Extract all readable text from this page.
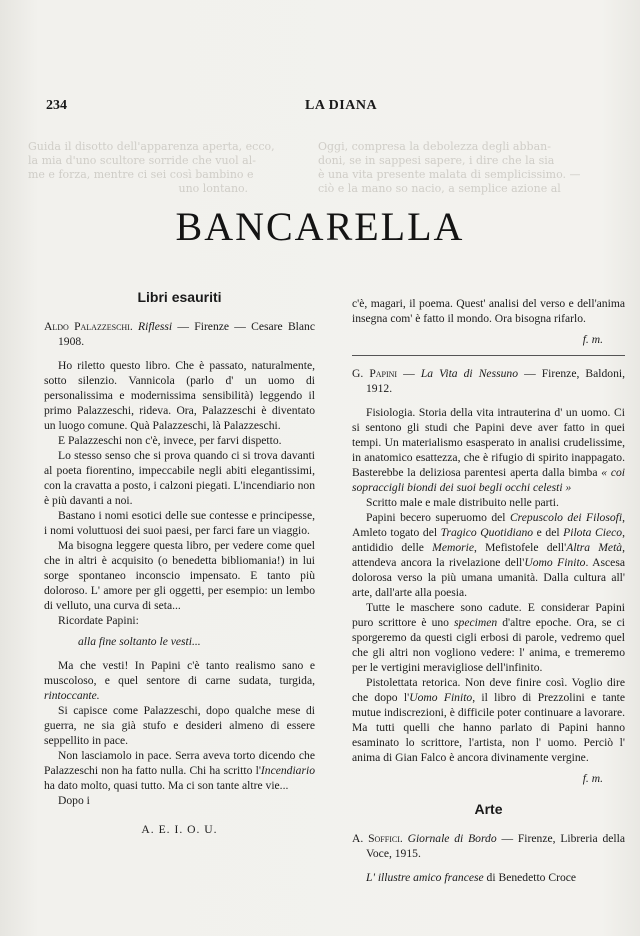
Oggi, compresa la debolezza degli abban-
doni, se in sappesi sapere, i dire che la sia
è una vita presente malata di semplicissimo. —
ciò e la mano so nacio, a semplice azione al
Guida il disotto dell'apparenza aperta, ecco,
la mia d'uno scultore sorride che vuol al-
me e forza, mentre ci sei così bambino e
uno lontano.
234	LA DIANA
BANCARELLA
Libri esauriti

Aldo Palazzeschi. Riflessi — Firenze — Cesare Blanc 1908.

Ho riletto questo libro. Che è passato, naturalmente, sotto silenzio. Vannicola (parlo d' un uomo di personalissima e modernissima sensibilità) leggendo il primo Palazzeschi, rideva. Ora, Palazzeschi è diventato un luogo comune. Quà Palazzeschi, là Palazzeschi.

E Palazzeschi non c'è, invece, per farvi dispetto.

Lo stesso senso che si prova quando ci si trova davanti al poeta fiorentino, impeccabile negli abiti elegantissimi, con la cravatta a posto, i calzoni piegati. L'incendiario non è più davanti a noi.

Bastano i nomi esotici delle sue contesse e principesse, i nomi voluttuosi dei suoi paesi, per farci fare un viaggio.

Ma bisogna leggere questa libro, per vedere come quel che in altri è acquisito (o benedetta bibliomania!) in lui sorge spontaneo inconscio impensato. E tanto più doloroso. L' amore per gli oggetti, per esempio: un lembo di velluto, una curva di seta...

Ricordate Papini:

alla fine soltanto le vesti...

Ma che vesti! In Papini c'è tanto realismo sano e muscoloso, e quel sentore di carne sudata, turgida, rintoccante.

Si capisce come Palazzeschi, dopo qualche mese di guerra, ne sia già stufo e desideri almeno di essere seppellito in pace.

Non lasciamolo in pace. Serra aveva torto dicendo che Palazzeschi non ha fatto nulla. Chi ha scritto l'Incendiario ha dato molto, quasi tutto. Ma ci son tante altre vie...

Dopo i

A. E. I. O. U.

c'è, magari, il poema. Quest' analisi del verso e dell'anima insegna com' è fatto il mondo. Ora bisogna rifarlo.

f. m.

G. Papini — La Vita di Nessuno — Firenze, Baldoni, 1912.

Fisiologia. Storia della vita intrauterina d' un uomo. Ci si sentono gli studi che Papini deve aver fatto in quei tempi. Un materialismo esasperato in analisi crudelissime, in anatomico esattezza, che è rifugio di spirito inappagato. Basterebbe la deliziosa parentesi aperta dalla bimba « coi sopraccigli biondi dei suoi begli occhi celesti »

Scritto male e male distribuito nelle parti.

Papini becero superuomo del Crepuscolo dei Filosofi, Amleto togato del Tragico Quotidiano e del Pilota Cieco, antididio delle Memorie, Mefistofele dell'Altra Metà, attendeva ancora la rivelazione dell'Uomo Finito. Ascesa dolorosa verso la più umana umanità. Dalla cultura all' arte, dall'arte alla poesia.

Tutte le maschere sono cadute. E considerar Papini puro scrittore è uno specimen d'altre epoche. Ora, se ci sporgeremo da questi cigli erbosi di parole, vedremo quel che gli altri non vogliono vedere: l' anima, e tremeremo per le vertigini meravigliose dell'infinito.

Pistolettata retorica. Non deve finire così. Voglio dire che dopo l'Uomo Finito, il libro di Prezzolini e tante mutue indiscrezioni, è difficile poter continuare a lavorare. Ma tutti quelli che hanno parlato di Papini hanno esaminato lo scrittore, l'artista, non l' uomo. Perciò l' anima di Gian Falco è ancora divinamente vergine.

f. m.

Arte

A. Soffici. Giornale di Bordo — Firenze, Libreria della Voce, 1915.

L' illustre amico francese di Benedetto Croce
